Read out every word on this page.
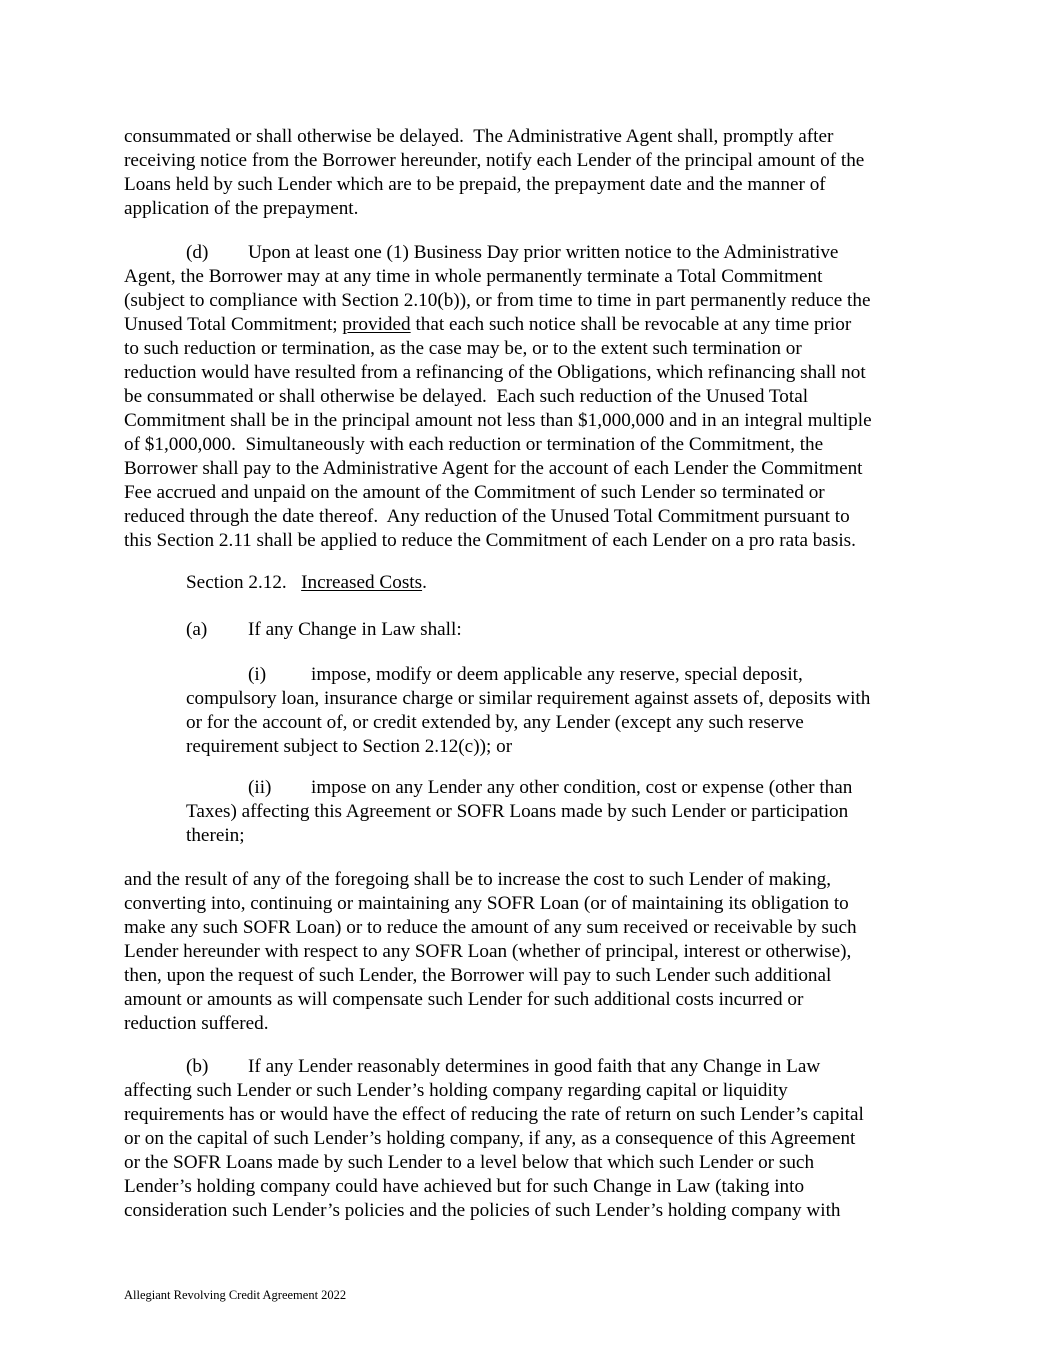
consummated or shall otherwise be delayed.  The Administrative Agent shall, promptly after
receiving notice from the Borrower hereunder, notify each Lender of the principal amount of the
Loans held by such Lender which are to be prepaid, the prepayment date and the manner of
application of the prepayment.
(d) Upon at least one (1) Business Day prior written notice to the Administrative
Agent, the Borrower may at any time in whole permanently terminate a Total Commitment
(subject to compliance with Section 2.10(b)), or from time to time in part permanently reduce the
Unused Total Commitment; provided that each such notice shall be revocable at any time prior
to such reduction or termination, as the case may be, or to the extent such termination or
reduction would have resulted from a refinancing of the Obligations, which refinancing shall not
be consummated or shall otherwise be delayed.  Each such reduction of the Unused Total
Commitment shall be in the principal amount not less than $1,000,000 and in an integral multiple
of $1,000,000.  Simultaneously with each reduction or termination of the Commitment, the
Borrower shall pay to the Administrative Agent for the account of each Lender the Commitment
Fee accrued and unpaid on the amount of the Commitment of such Lender so terminated or
reduced through the date thereof.  Any reduction of the Unused Total Commitment pursuant to
this Section 2.11 shall be applied to reduce the Commitment of each Lender on a pro rata basis.
Section 2.12.   Increased Costs.
(a) If any Change in Law shall:
(i) impose, modify or deem applicable any reserve, special deposit,
compulsory loan, insurance charge or similar requirement against assets of, deposits with
or for the account of, or credit extended by, any Lender (except any such reserve
requirement subject to Section 2.12(c)); or
(ii) impose on any Lender any other condition, cost or expense (other than
Taxes) affecting this Agreement or SOFR Loans made by such Lender or participation
therein;
and the result of any of the foregoing shall be to increase the cost to such Lender of making,
converting into, continuing or maintaining any SOFR Loan (or of maintaining its obligation to
make any such SOFR Loan) or to reduce the amount of any sum received or receivable by such
Lender hereunder with respect to any SOFR Loan (whether of principal, interest or otherwise),
then, upon the request of such Lender, the Borrower will pay to such Lender such additional
amount or amounts as will compensate such Lender for such additional costs incurred or
reduction suffered.
(b) If any Lender reasonably determines in good faith that any Change in Law
affecting such Lender or such Lender’s holding company regarding capital or liquidity
requirements has or would have the effect of reducing the rate of return on such Lender’s capital
or on the capital of such Lender’s holding company, if any, as a consequence of this Agreement
or the SOFR Loans made by such Lender to a level below that which such Lender or such
Lender’s holding company could have achieved but for such Change in Law (taking into
consideration such Lender’s policies and the policies of such Lender’s holding company with
Allegiant Revolving Credit Agreement 2022
